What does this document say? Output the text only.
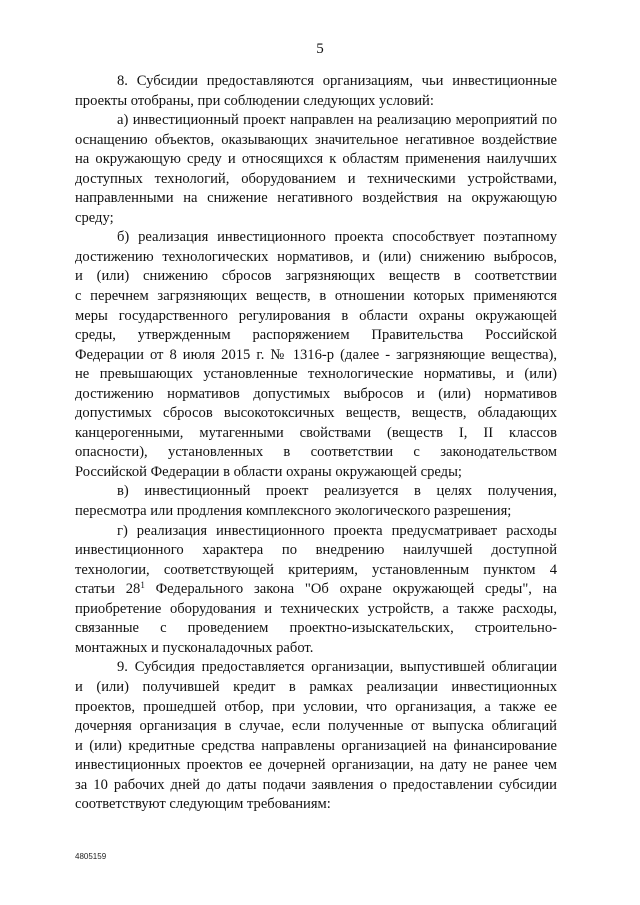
5

8. Субсидии предоставляются организациям, чьи инвестиционные
проекты отобраны, при соблюдении следующих условий:

а) инвестиционный проект направлен на реализацию мероприятий по
оснащению объектов, оказывающих значительное негативное воздействие
на окружающую среду и относящихся к областям применения наилучших
доступных технологий, оборудованием и техническими устройствами,
направленными на снижение негативного воздействия на окружающую
среду;

б) реализация инвестиционного проекта способствует поэтапному
достижению технологических нормативов, и (или) снижению выбросов,
и (или) снижению сбросов загрязняющих веществ в соответствии
с перечнем загрязняющих веществ, в отношении которых применяются
меры государственного регулирования в области охраны окружающей
среды, утвержденным распоряжением Правительства Российской
Федерации от 8 июля 2015 г. № 1316-р (далее - загрязняющие вещества),
не превышающих установленные технологические нормативы, и (или)
достижению нормативов допустимых выбросов и (или) нормативов
допустимых сбросов высокотоксичных веществ, веществ, обладающих
канцерогенными, мутагенными свойствами (веществ I, II классов
опасности), установленных в соответствии с законодательством
Российской Федерации в области охраны окружающей среды;

в) инвестиционный проект реализуется в целях получения,
пересмотра или продления комплексного экологического разрешения;

г) реализация инвестиционного проекта предусматривает расходы
инвестиционного характера по внедрению наилучшей доступной
технологии, соответствующей критериям, установленным пунктом 4
статьи $28^1$ Федерального закона "Об охране окружающей среды", на
приобретение оборудования и технических устройств, а также расходы,
связанные с проведением проектно-изыскательских, строительно-
монтажных и пусконаладочных работ.

9. Субсидия предоставляется организации, выпустившей облигации
и (или) получившей кредит в рамках реализации инвестиционных
проектов, прошедшей отбор, при условии, что организация, а также ее
дочерняя организация в случае, если полученные от выпуска облигаций
и (или) кредитные средства направлены организацией на финансирование
инвестиционных проектов ее дочерней организации, на дату не ранее чем
за 10 рабочих дней до даты подачи заявления о предоставлении субсидии
соответствуют следующим требованиям:

4805159
